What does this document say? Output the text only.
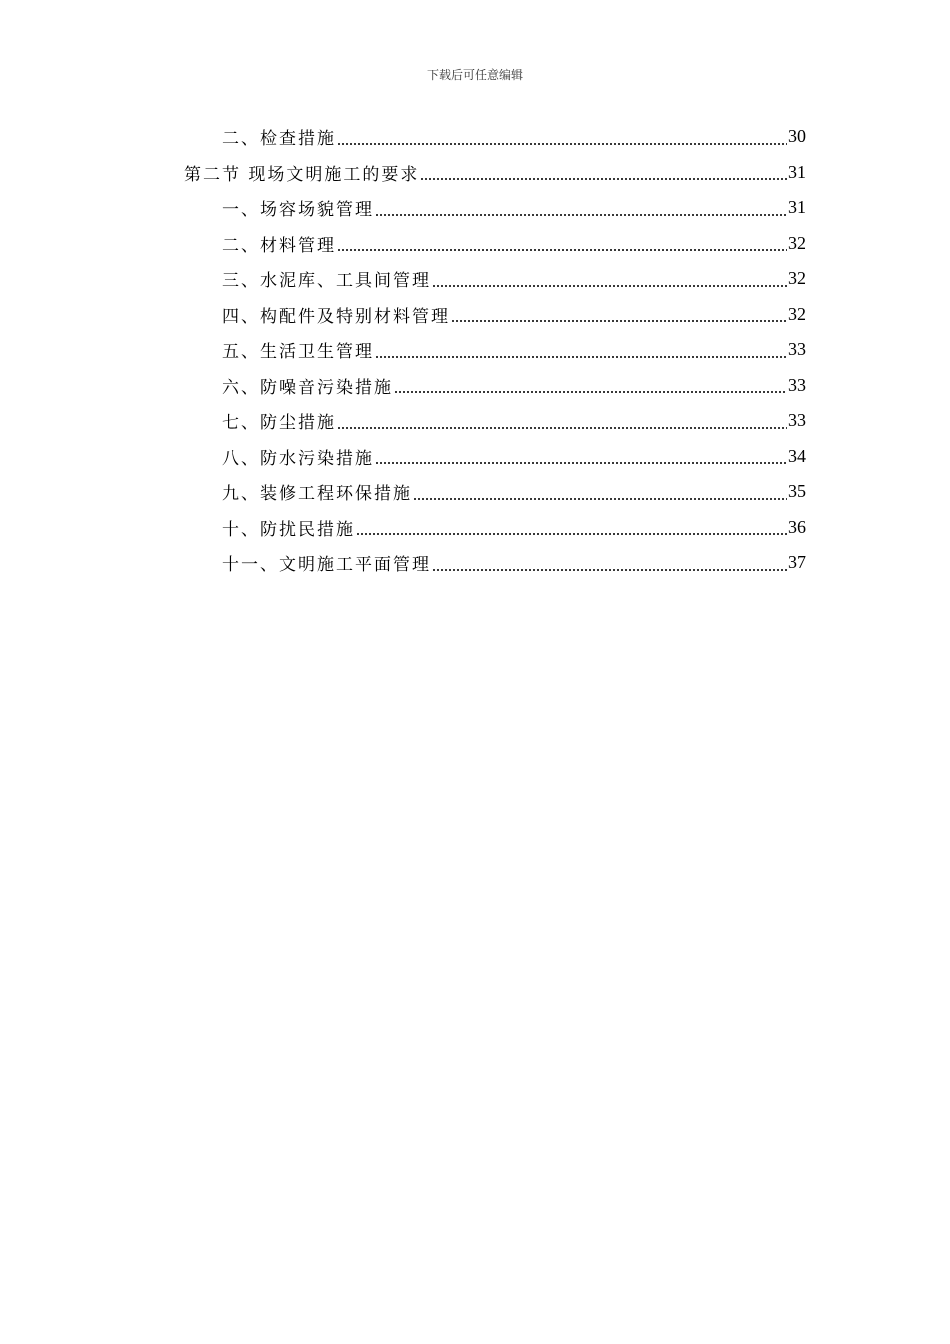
下载后可任意编辑
二、检查措施	30
第二节 现场文明施工的要求	31
一、场容场貌管理	31
二、材料管理	32
三、水泥库、工具间管理	32
四、构配件及特别材料管理	32
五、生活卫生管理	33
六、防噪音污染措施	33
七、防尘措施	33
八、防水污染措施	34
九、装修工程环保措施	35
十、防扰民措施	36
十一、文明施工平面管理	37
